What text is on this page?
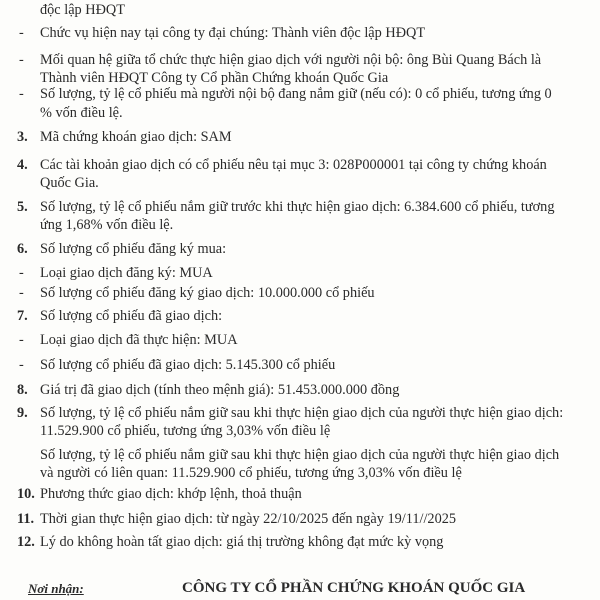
độc lập HĐQT
- Chức vụ hiện nay tại công ty đại chúng: Thành viên độc lập HĐQT
- Mối quan hệ giữa tổ chức thực hiện giao dịch với người nội bộ: ông Bùi Quang Bách là
Thành viên HĐQT Công ty Cổ phần Chứng khoán Quốc Gia
- Số lượng, tỷ lệ cổ phiếu mà người nội bộ đang nắm giữ (nếu có): 0 cổ phiếu, tương ứng 0
% vốn điều lệ.
3. Mã chứng khoán giao dịch: SAM
4. Các tài khoản giao dịch có cổ phiếu nêu tại mục 3: 028P000001 tại công ty chứng khoán
Quốc Gia.
5. Số lượng, tỷ lệ cổ phiếu nắm giữ trước khi thực hiện giao dịch: 6.384.600 cổ phiếu, tương
ứng 1,68% vốn điều lệ.
6. Số lượng cổ phiếu đăng ký mua:
- Loại giao dịch đăng ký: MUA
- Số lượng cổ phiếu đăng ký giao dịch: 10.000.000 cổ phiếu
7. Số lượng cổ phiếu đã giao dịch:
- Loại giao dịch đã thực hiện: MUA
- Số lượng cổ phiếu đã giao dịch: 5.145.300 cổ phiếu
8. Giá trị đã giao dịch (tính theo mệnh giá): 51.453.000.000 đồng
9. Số lượng, tỷ lệ cổ phiếu nắm giữ sau khi thực hiện giao dịch của người thực hiện giao dịch:
11.529.900 cổ phiếu, tương ứng 3,03% vốn điều lệ
Số lượng, tỷ lệ cổ phiếu nắm giữ sau khi thực hiện giao dịch của người thực hiện giao dịch
và người có liên quan: 11.529.900 cổ phiếu, tương ứng 3,03% vốn điều lệ
10. Phương thức giao dịch: khớp lệnh, thoả thuận
11. Thời gian thực hiện giao dịch: từ ngày 22/10/2025 đến ngày 19/11//2025
12. Lý do không hoàn tất giao dịch: giá thị trường không đạt mức kỳ vọng
Nơi nhận:	CÔNG TY CỔ PHẦN CHỨNG KHOÁN QUỐC GIA
